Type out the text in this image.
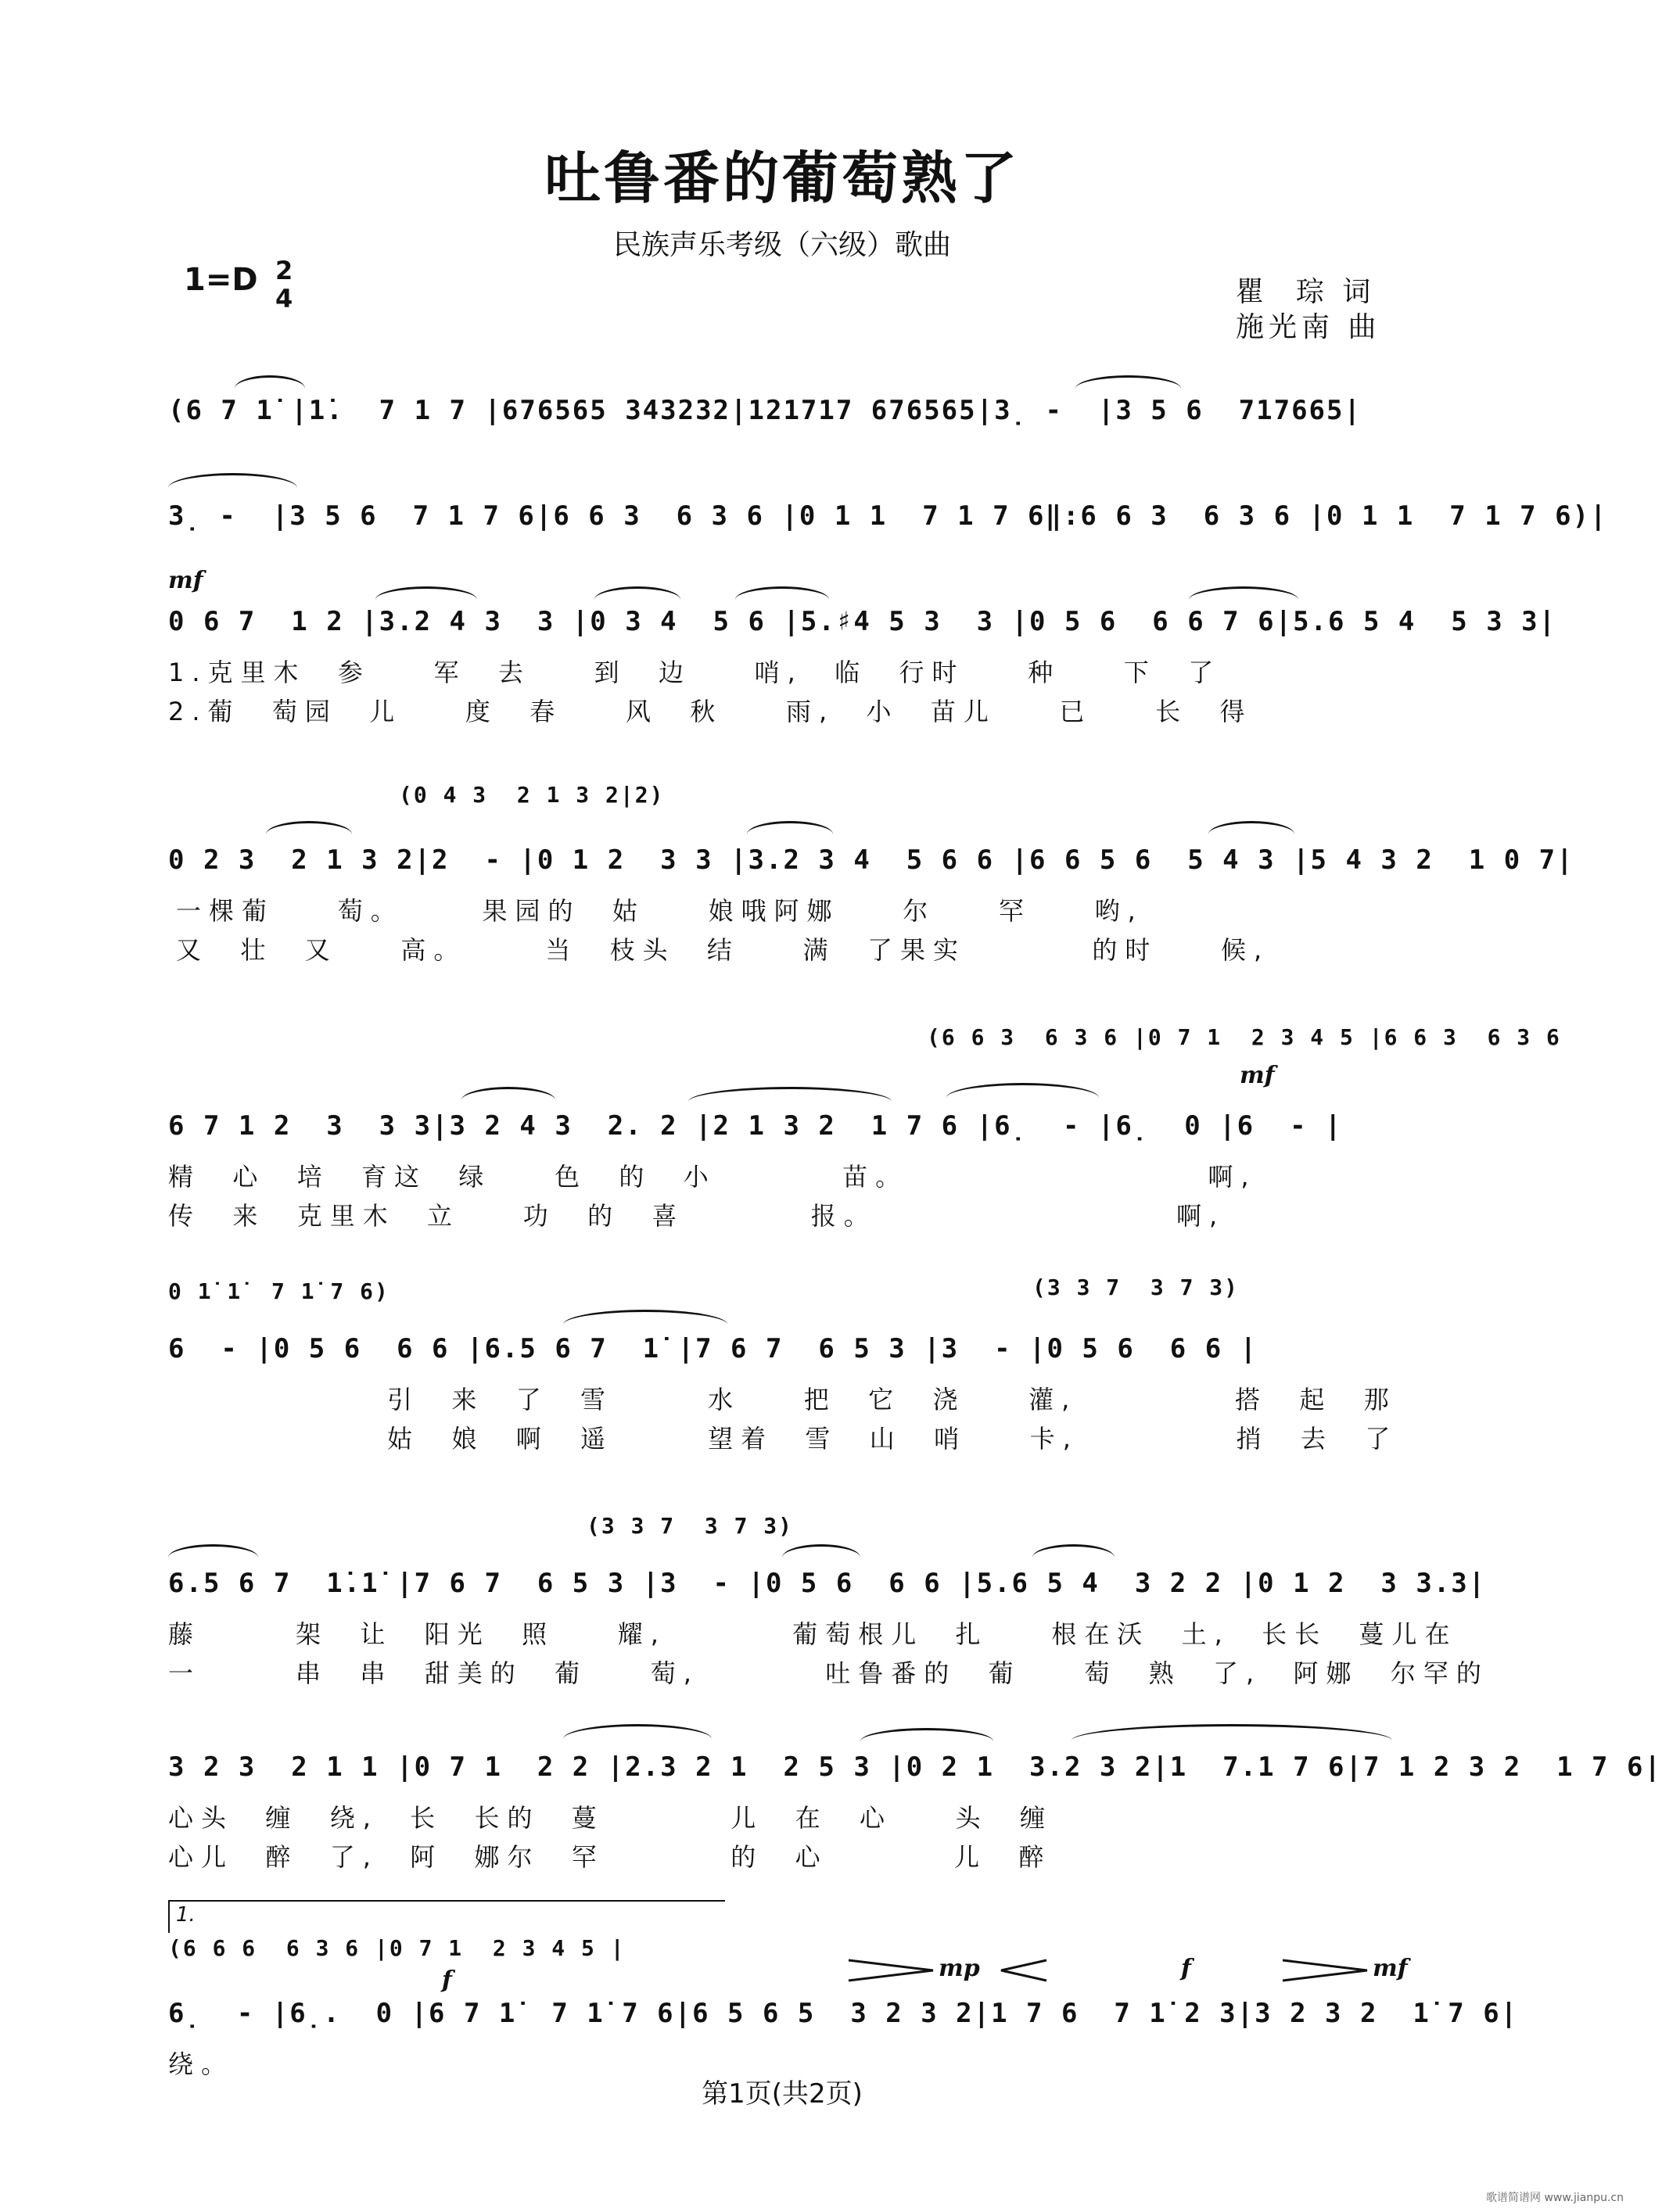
吐鲁番的葡萄熟了
民族声乐考级（六级）歌曲
1=D 2
4	瞿  琮 词
施光南 曲
(6 7 1̇ |1̇.  7 1 7 |676565 343232|121717 676565|3̣ -  |3 5 6  717665|
3̣ -  |3 5 6  7 1 7 6|6 6 3  6 3 6 |0 1 1  7 1 7 6‖:6 6 3  6 3 6 |0 1 1  7 1 7 6)|
mf
0 6 7  1 2 |3.2 4 3  3 |0 3 4  5 6 |5.♯4 5 3  3 |0 5 6  6 6 7 6|5.6 5 4  5 3 3|
1.克里木  参    军  去    到  边    哨,  临  行时    种    下  了
2.葡  萄园  儿    度  春    风  秋    雨,  小  苗儿    已    长  得
(0 4 3  2 1 3 2|2)
0 2 3  2 1 3 2|2  - |0 1 2  3 3 |3.2 3 4  5 6 6 |6 6 5 6  5 4 3 |5 4 3 2  1 0 7|
一棵葡    萄。     果园的  姑    娘哦阿娜    尔    罕    哟,
又  壮  又    高。     当  枝头  结    满  了果实        的时    候,
(6 6 3  6 3 6 |0 7 1  2 3 4 5 |6 6 3  6 3 6
mf
6 7 1 2  3  3 3|3 2 4 3  2. 2 |2 1 3 2  1 7 6 |6̣  - |6̣  0 |6  - |
精  心  培  育这  绿    色  的  小        苗。                   啊,
传  来  克里木  立    功  的  喜        报。                   啊,
0 1̇ 1̇  7 1̇ 7 6)	(3 3 7  3 7 3)
6  - |0 5 6  6 6 |6.5 6 7  1̇ |7 6 7  6 5 3 |3  - |0 5 6  6 6 |
引  来  了  雪      水    把  它  浇    灌,          搭  起  那
姑  娘  啊  遥      望着  雪  山  哨    卡,          捎  去  了
(3 3 7  3 7 3)
6.5 6 7  1̇.1̇ |7 6 7  6 5 3 |3  - |0 5 6  6 6 |5.6 5 4  3 2 2 |0 1 2  3 3.3|
藤      架  让  阳光  照    耀,        葡萄根儿  扎    根在沃  土,  长长  蔓儿在
一      串  串  甜美的  葡    萄,        吐鲁番的  葡    萄  熟  了,  阿娜  尔罕的
3 2 3  2 1 1 |0 7 1  2 2 |2.3 2 1  2 5 3 |0 2 1  3.2 3 2|1  7.1 7 6|7 1 2 3 2  1 7 6|
心头  缠  绕,  长  长的  蔓        儿  在  心    头  缠
心儿  醉  了,  阿  娜尔  罕        的  心        儿  醉
1.
(6 6 6  6 3 6 |0 7 1  2 3 4 5 |
f	mp	f	mf
6̣  - |6̣.  0 |6 7 1̇  7 1̇ 7 6|6 5 6 5  3 2 3 2|1 7 6  7 1̇ 2 3|3 2 3 2  1̇ 7 6|
绕。
第1页(共2页)
歌谱简谱网 www.jianpu.cn
